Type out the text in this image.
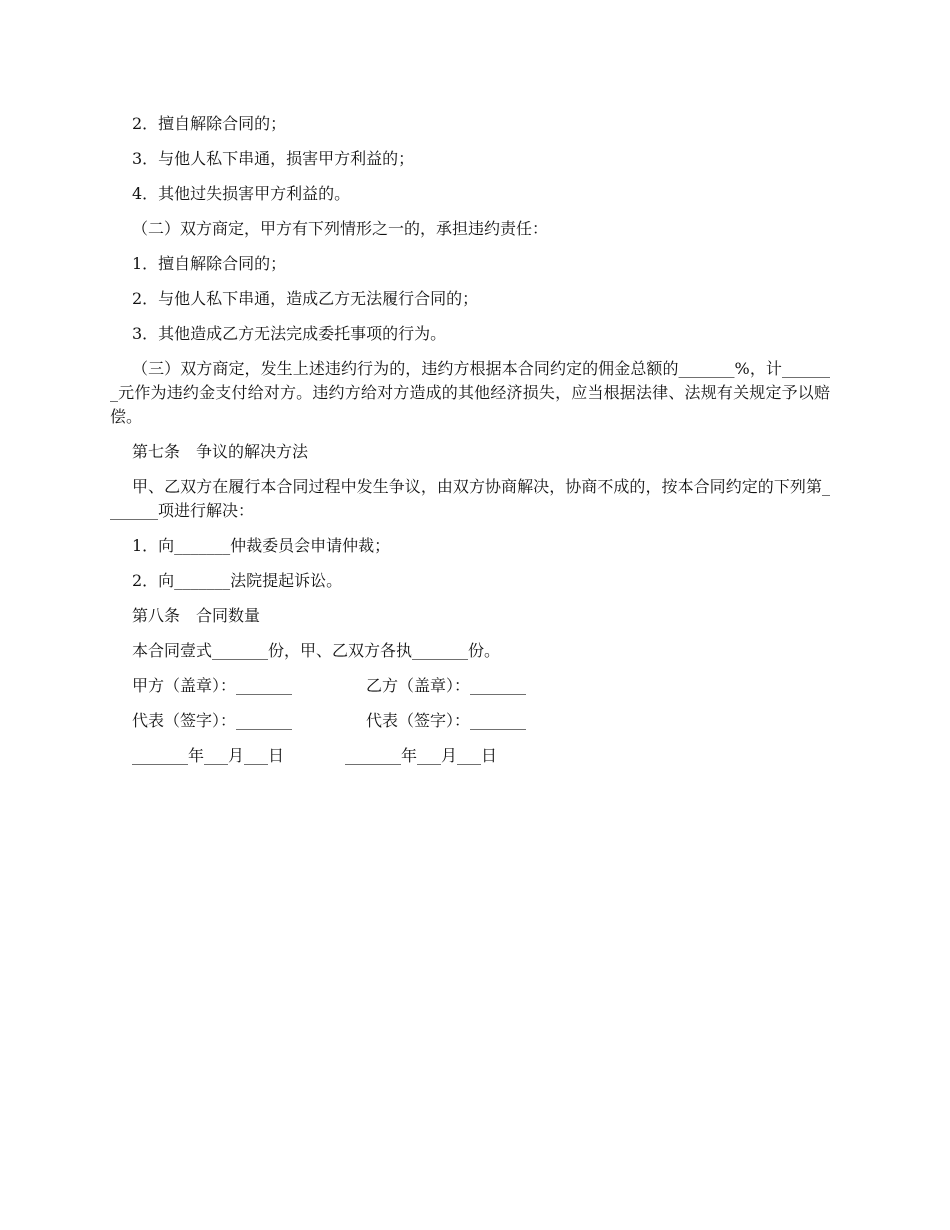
2．擅自解除合同的；

3．与他人私下串通，损害甲方利益的；

4．其他过失损害甲方利益的。

（二）双方商定，甲方有下列情形之一的，承担违约责任：

1．擅自解除合同的；

2．与他人私下串通，造成乙方无法履行合同的；

3．其他造成乙方无法完成委托事项的行为。

（三）双方商定，发生上述违约行为的，违约方根据本合同约定的佣金总额的_______%，计_______元作为违约金支付给对方。违约方给对方造成的其他经济损失，应当根据法律、法规有关规定予以赔偿。

第七条　争议的解决方法

甲、乙双方在履行本合同过程中发生争议，由双方协商解决，协商不成的，按本合同约定的下列第_______项进行解决：

1．向_______仲裁委员会申请仲裁；

2．向_______法院提起诉讼。

第八条　合同数量

本合同壹式_______份，甲、乙双方各执_______份。

甲方（盖章）：_______	乙方（盖章）：_______
代表（签字）：_______	代表（签字）：_______
_______年___月___日	_______年___月___日
